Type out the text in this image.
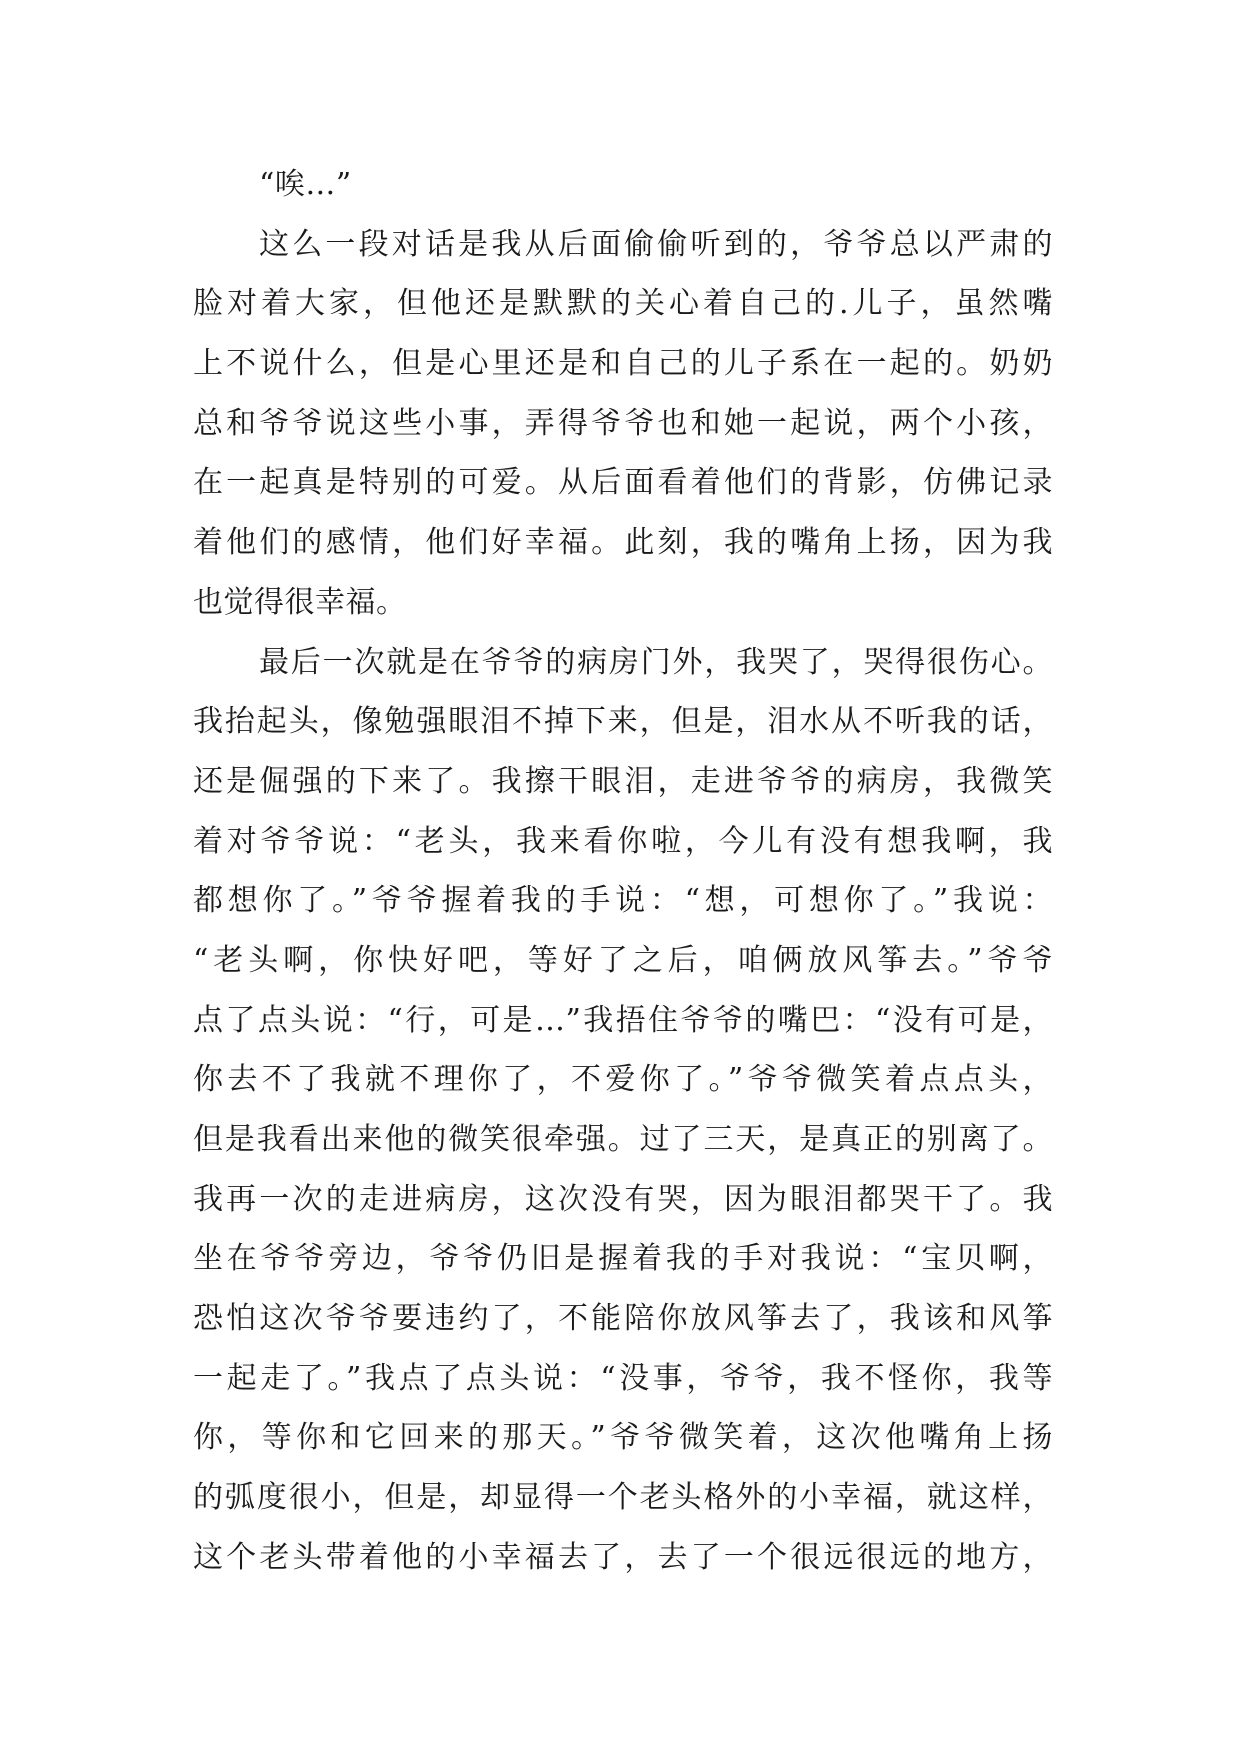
“唉…”
这么一段对话是我从后面偷偷听到的，爷爷总以严肃的
脸对着大家，但他还是默默的关心着自己的.儿子，虽然嘴
上不说什么，但是心里还是和自己的儿子系在一起的。奶奶
总和爷爷说这些小事，弄得爷爷也和她一起说，两个小孩，
在一起真是特别的可爱。从后面看着他们的背影，仿佛记录
着他们的感情，他们好幸福。此刻，我的嘴角上扬，因为我
也觉得很幸福。
最后一次就是在爷爷的病房门外，我哭了，哭得很伤心。
我抬起头，像勉强眼泪不掉下来，但是，泪水从不听我的话，
还是倔强的下来了。我擦干眼泪，走进爷爷的病房，我微笑
着对爷爷说：“老头，我来看你啦，今儿有没有想我啊，我
都想你了。”爷爷握着我的手说：“想，可想你了。”我说：
“老头啊，你快好吧，等好了之后，咱俩放风筝去。”爷爷
点了点头说：“行，可是…”我捂住爷爷的嘴巴：“没有可是，
你去不了我就不理你了，不爱你了。”爷爷微笑着点点头，
但是我看出来他的微笑很牵强。过了三天，是真正的别离了。
我再一次的走进病房，这次没有哭，因为眼泪都哭干了。我
坐在爷爷旁边，爷爷仍旧是握着我的手对我说：“宝贝啊，
恐怕这次爷爷要违约了，不能陪你放风筝去了，我该和风筝
一起走了。”我点了点头说：“没事，爷爷，我不怪你，我等
你，等你和它回来的那天。”爷爷微笑着，这次他嘴角上扬
的弧度很小，但是，却显得一个老头格外的小幸福，就这样，
这个老头带着他的小幸福去了，去了一个很远很远的地方，
